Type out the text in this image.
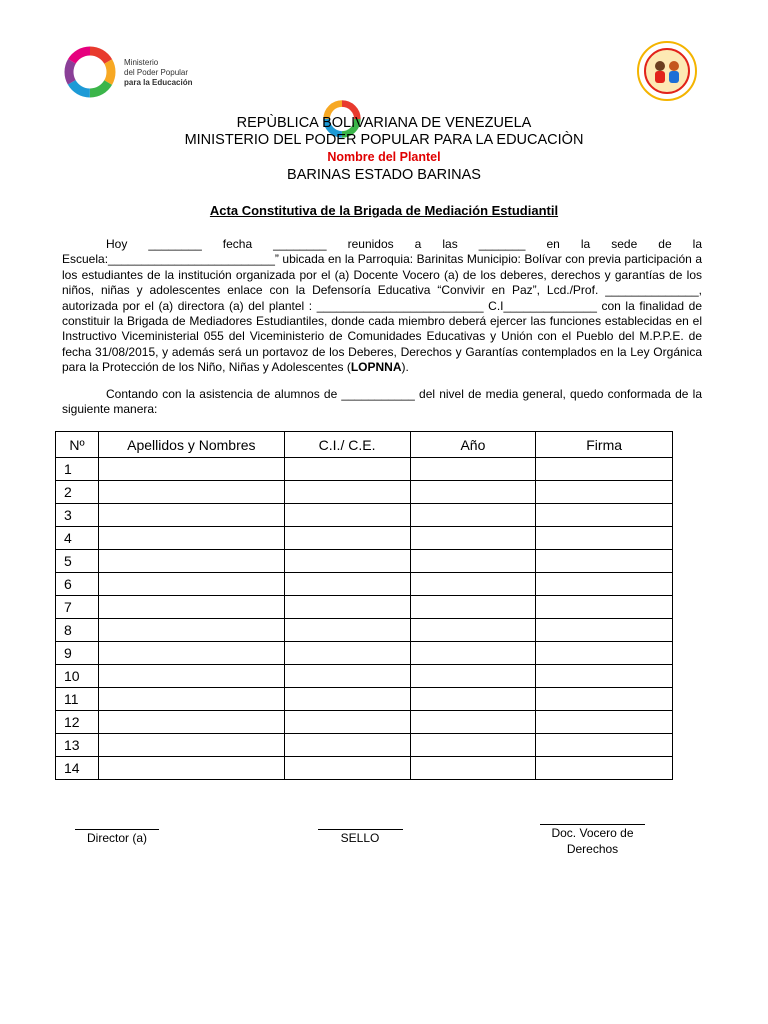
Ministerio
del Poder Popular
para la Educación
REPÙBLICA BOLIVARIANA DE VENEZUELA
MINISTERIO DEL PODER POPULAR PARA LA EDUCACIÒN
Nombre del Plantel
BARINAS ESTADO BARINAS
Acta Constitutiva de la Brigada de Mediación Estudiantil
Hoy ________ fecha ________ reunidos a las _______ en la sede de la Escuela:_________________________” ubicada en la Parroquia: Barinitas Municipio: Bolívar con previa participación a los estudiantes de la institución organizada por el (a) Docente Vocero (a) de los deberes, derechos y garantías de los niños, niñas y adolescentes enlace con la Defensoría Educativa “Convivir en Paz”, Lcd./Prof. ______________, autorizada por el (a) directora (a) del plantel : _________________________ C.I______________ con la finalidad de constituir la Brigada de Mediadores Estudiantiles, donde cada miembro deberá ejercer las funciones establecidas en el Instructivo Viceministerial 055 del Viceministerio de Comunidades Educativas y Unión con el Pueblo del M.P.P.E. de fecha 31/08/2015, y además será un portavoz de los Deberes, Derechos y Garantías contemplados en la Ley Orgánica para la Protección de los Niño, Niñas y Adolescentes (LOPNNA).
Contando con la asistencia de alumnos de ___________ del nivel de media general, quedo conformada de la siguiente manera:
Nº	Apellidos y Nombres	C.I./ C.E.	Año	Firma
1				
2				
3				
4				
5				
6				
7				
8				
9				
10				
11				
12				
13				
14				
Director (a)	SELLO	Doc. Vocero de
Derechos
